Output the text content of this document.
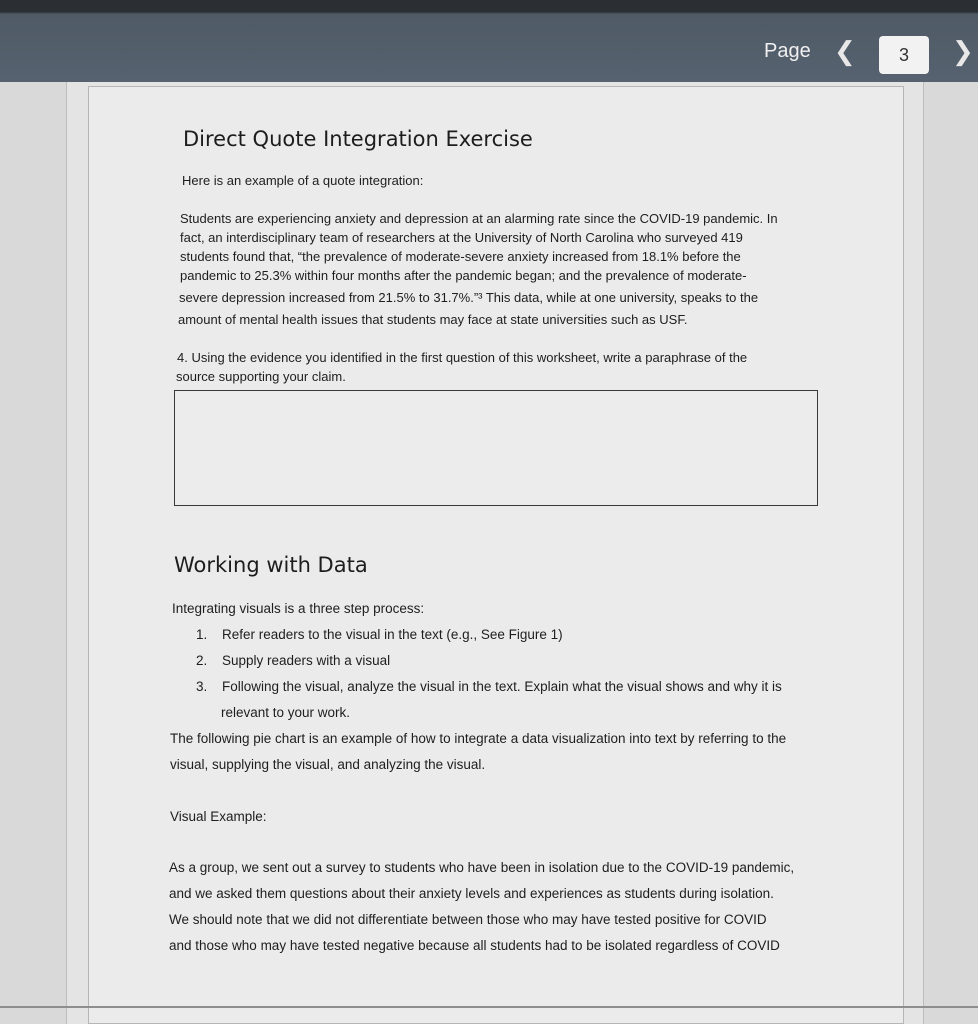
Page ❮	3	❯
Direct Quote Integration Exercise
Here is an example of a quote integration:
Students are experiencing anxiety and depression at an alarming rate since the COVID-19 pandemic. In
fact, an interdisciplinary team of researchers at the University of North Carolina who surveyed 419
students found that, “the prevalence of moderate-severe anxiety increased from 18.1% before the
pandemic to 25.3% within four months after the pandemic began; and the prevalence of moderate-
severe depression increased from 21.5% to 31.7%.”³ This data, while at one university, speaks to the
amount of mental health issues that students may face at state universities such as USF.
4. Using the evidence you identified in the first question of this worksheet, write a paraphrase of the
source supporting your claim.
Working with Data
Integrating visuals is a three step process:
1. Refer readers to the visual in the text (e.g., See Figure 1)
2. Supply readers with a visual
3. Following the visual, analyze the visual in the text. Explain what the visual shows and why it is
relevant to your work.
The following pie chart is an example of how to integrate a data visualization into text by referring to the
visual, supplying the visual, and analyzing the visual.
Visual Example:
As a group, we sent out a survey to students who have been in isolation due to the COVID-19 pandemic,
and we asked them questions about their anxiety levels and experiences as students during isolation.
We should note that we did not differentiate between those who may have tested positive for COVID
and those who may have tested negative because all students had to be isolated regardless of COVID
